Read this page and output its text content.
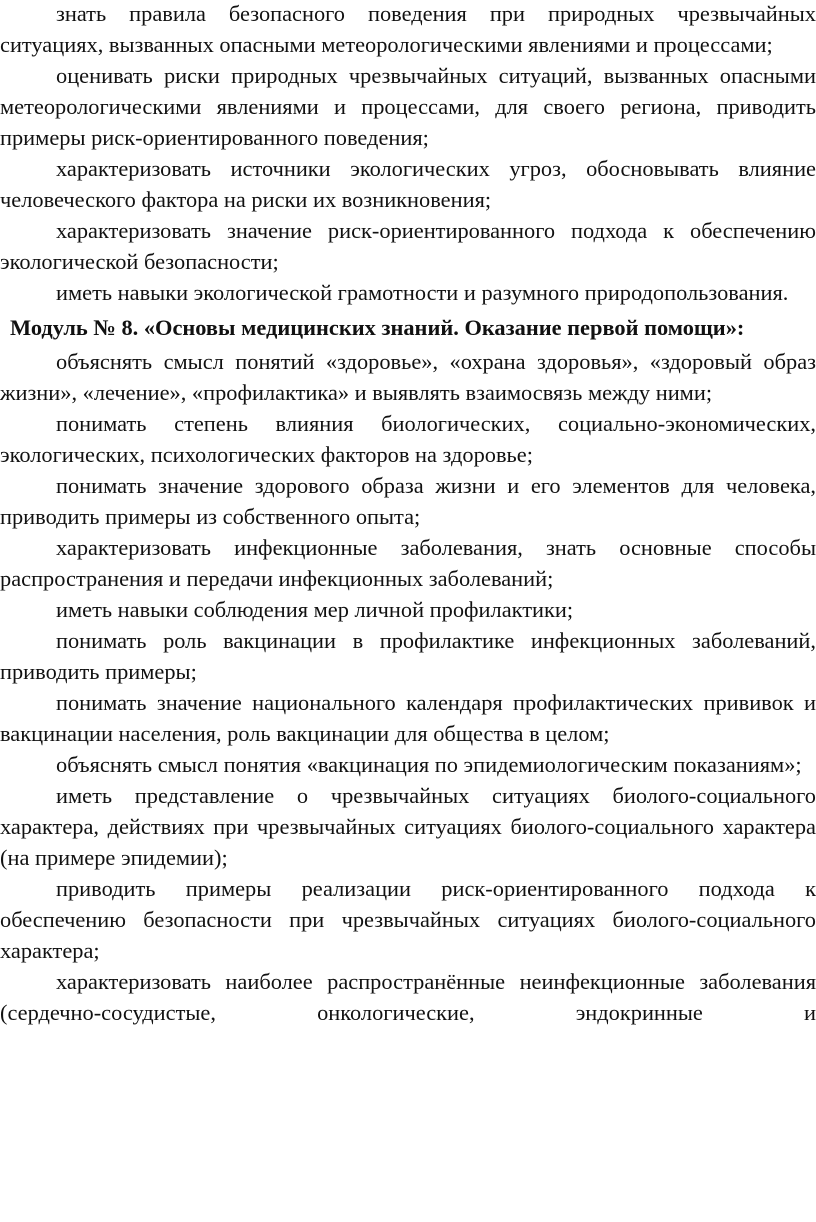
знать правила безопасного поведения при природных чрезвычайных ситуациях, вызванных опасными метеорологическими явлениями и процессами;

оценивать риски природных чрезвычайных ситуаций, вызванных опасными метеорологическими явлениями и процессами, для своего региона, приводить примеры риск-ориентированного поведения;

характеризовать источники экологических угроз, обосновывать влияние человеческого фактора на риски их возникновения;

характеризовать значение риск-ориентированного подхода к обеспечению экологической безопасности;

иметь навыки экологической грамотности и разумного природопользования.

Модуль № 8. «Основы медицинских знаний. Оказание первой помощи»:

объяснять смысл понятий «здоровье», «охрана здоровья», «здоровый образ жизни», «лечение», «профилактика» и выявлять взаимосвязь между ними;

понимать степень влияния биологических, социально-экономических, экологических, психологических факторов на здоровье;

понимать значение здорового образа жизни и его элементов для человека, приводить примеры из собственного опыта;

характеризовать инфекционные заболевания, знать основные способы распространения и передачи инфекционных заболеваний;

иметь навыки соблюдения мер личной профилактики;

понимать роль вакцинации в профилактике инфекционных заболеваний, приводить примеры;

понимать значение национального календаря профилактических прививок и вакцинации населения, роль вакцинации для общества в целом;

объяснять смысл понятия «вакцинация по эпидемиологическим показаниям»;

иметь представление о чрезвычайных ситуациях биолого-социального характера, действиях при чрезвычайных ситуациях биолого-социального характера (на примере эпидемии);

приводить примеры реализации риск-ориентированного подхода к обеспечению безопасности при чрезвычайных ситуациях биолого-социального характера;

характеризовать наиболее распространённые неинфекционные заболевания (сердечно-сосудистые, онкологические, эндокринные и
